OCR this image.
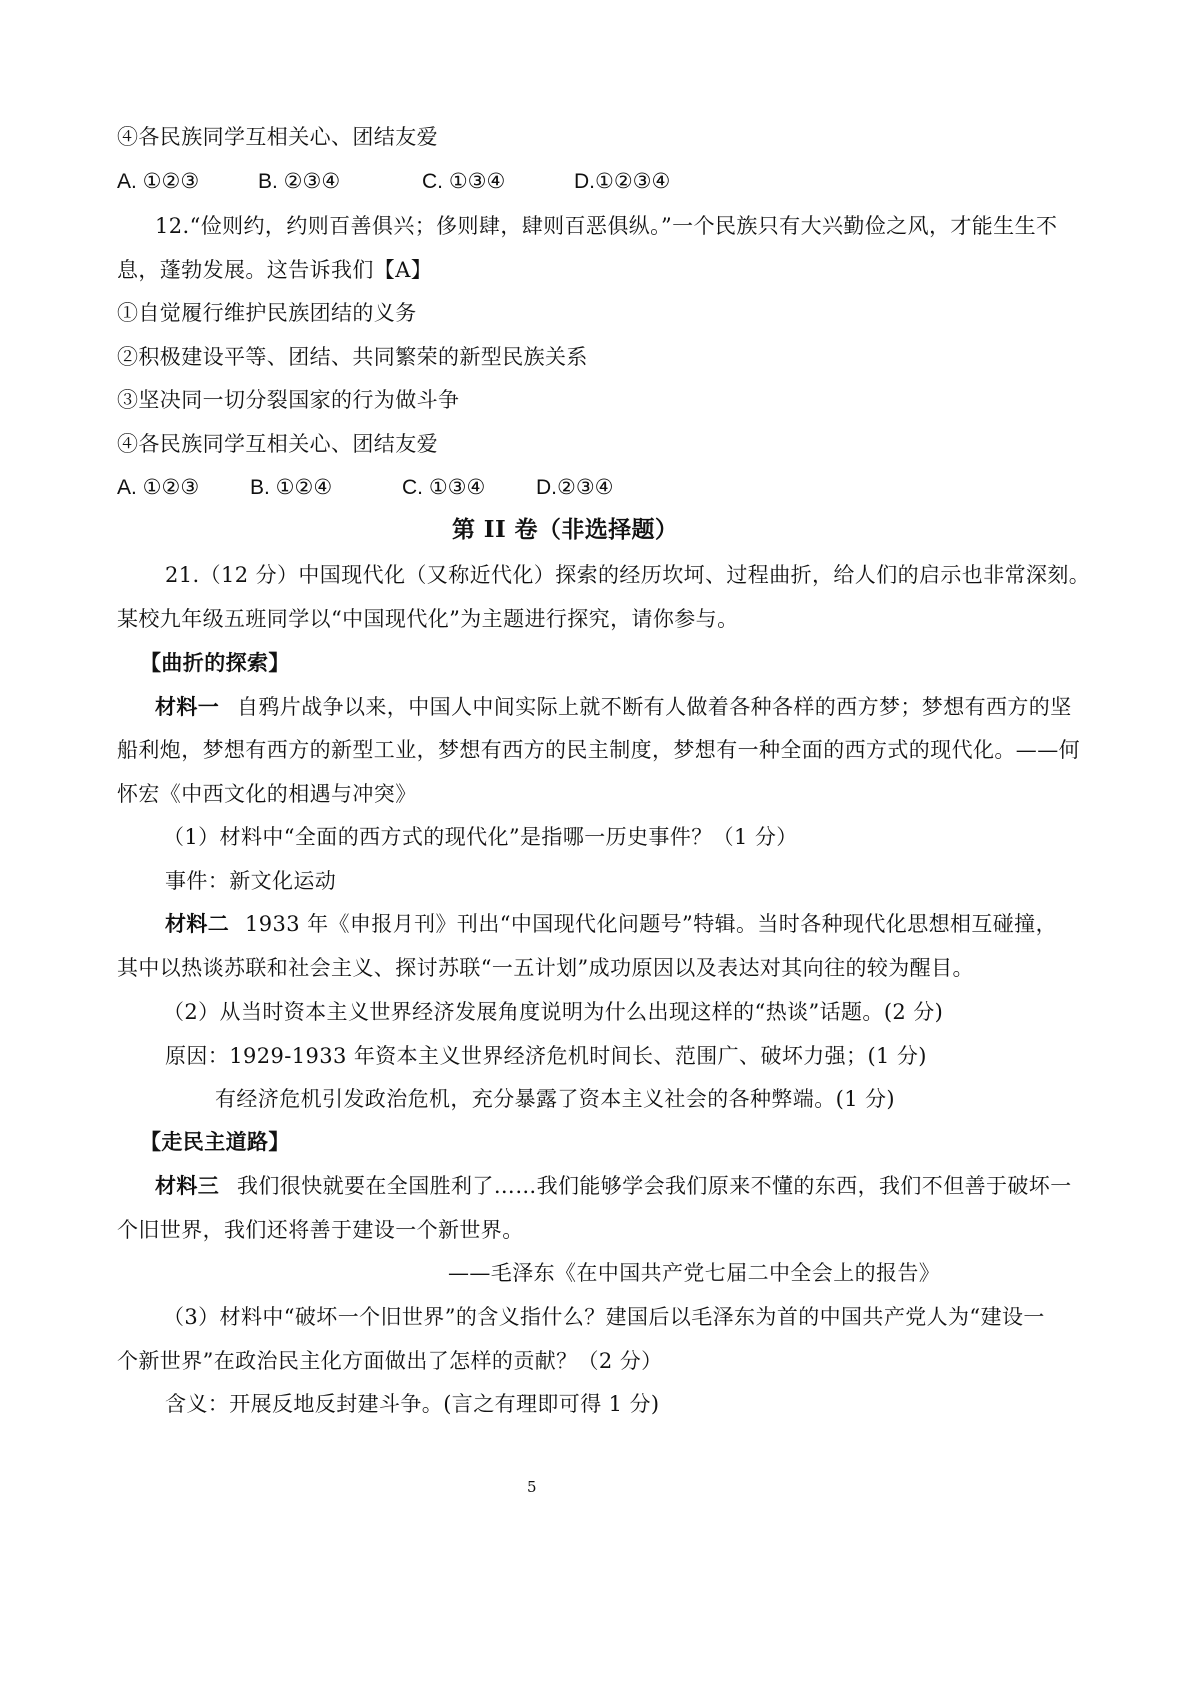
④各民族同学互相关心、团结友爱
A. ①②③	B. ②③④	C. ①③④	D.①②③④
12.“俭则约，约则百善俱兴；侈则肆，肆则百恶俱纵。”一个民族只有大兴勤俭之风，才能生生不
息，蓬勃发展。这告诉我们【A】
①自觉履行维护民族团结的义务
②积极建设平等、团结、共同繁荣的新型民族关系
③坚决同一切分裂国家的行为做斗争
④各民族同学互相关心、团结友爱
A. ①②③ B. ①②④	C. ①③④ D.②③④
第 II 卷（非选择题）
21.（12 分）中国现代化（又称近代化）探索的经历坎坷、过程曲折，给人们的启示也非常深刻。
某校九年级五班同学以“中国现代化”为主题进行探究，请你参与。
【曲折的探索】
材料一 自鸦片战争以来，中国人中间实际上就不断有人做着各种各样的西方梦；梦想有西方的坚
船利炮，梦想有西方的新型工业，梦想有西方的民主制度，梦想有一种全面的西方式的现代化。——何
怀宏《中西文化的相遇与冲突》
（1）材料中“全面的西方式的现代化”是指哪一历史事件？（1 分）
事件：新文化运动
材料二 1933 年《申报月刊》刊出“中国现代化问题号”特辑。当时各种现代化思想相互碰撞，
其中以热谈苏联和社会主义、探讨苏联“一五计划”成功原因以及表达对其向往的较为醒目。
（2）从当时资本主义世界经济发展角度说明为什么出现这样的“热谈”话题。(2 分)
原因：1929-1933 年资本主义世界经济危机时间长、范围广、破坏力强；(1 分)
有经济危机引发政治危机，充分暴露了资本主义社会的各种弊端。(1 分)
【走民主道路】
材料三 我们很快就要在全国胜利了……我们能够学会我们原来不懂的东西，我们不但善于破坏一
个旧世界，我们还将善于建设一个新世界。
——毛泽东《在中国共产党七届二中全会上的报告》
（3）材料中“破坏一个旧世界”的含义指什么？建国后以毛泽东为首的中国共产党人为“建设一
个新世界”在政治民主化方面做出了怎样的贡献？（2 分）
含义：开展反地反封建斗争。(言之有理即可得 1 分)
5
